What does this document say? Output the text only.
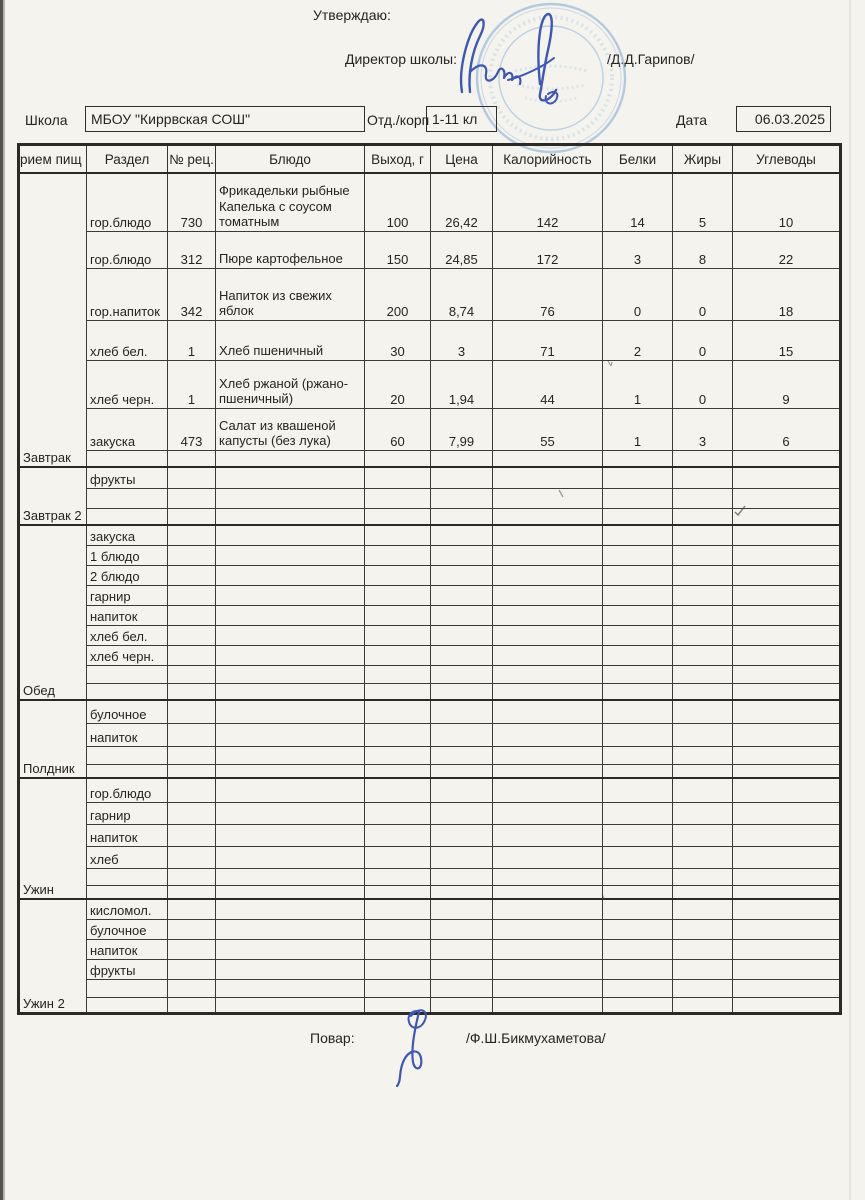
Утверждаю:
Директор школы:	/Д.Д.Гарипов/
Школа	МБОУ "Киррвская СОШ"	Отд./корп 1-11 кл	Дата	06.03.2025
рием пищ	Раздел	№ рец.	Блюдо	Выход, г	Цена	Калорийность	Белки	Жиры	Углеводы
Завтрак	гор.блюдо	730	Фрикадельки рыбные Капелька с соусом томатным	100	26,42	142	14	5	10
	гор.блюдо	312	Пюре картофельное	150	24,85	172	3	8	22
	гор.напиток	342	Напиток из свежих яблок	200	8,74	76	0	0	18
	хлеб бел.	1	Хлеб пшеничный	30	3	71	2	0	15
	хлеб черн.	1	Хлеб ржаной (ржано-пшеничный)	20	1,94	44	1	0	9
	закуска	473	Салат из квашеной капусты (без лука)	60	7,99	55	1	3	6

Завтрак 2	фрукты								

Обед	закуска								
	1 блюдо								
	2 блюдо								
	гарнир								
	напиток								
	хлеб бел.								
	хлеб черн.								

Полдник	булочное								
	напиток								

Ужин	гор.блюдо								
	гарнир								
	напиток								
	хлеб								

Ужин 2	кисломол.								
	булочное								
	напиток								
	фрукты								

Повар:	/Ф.Ш.Бикмухаметова/
